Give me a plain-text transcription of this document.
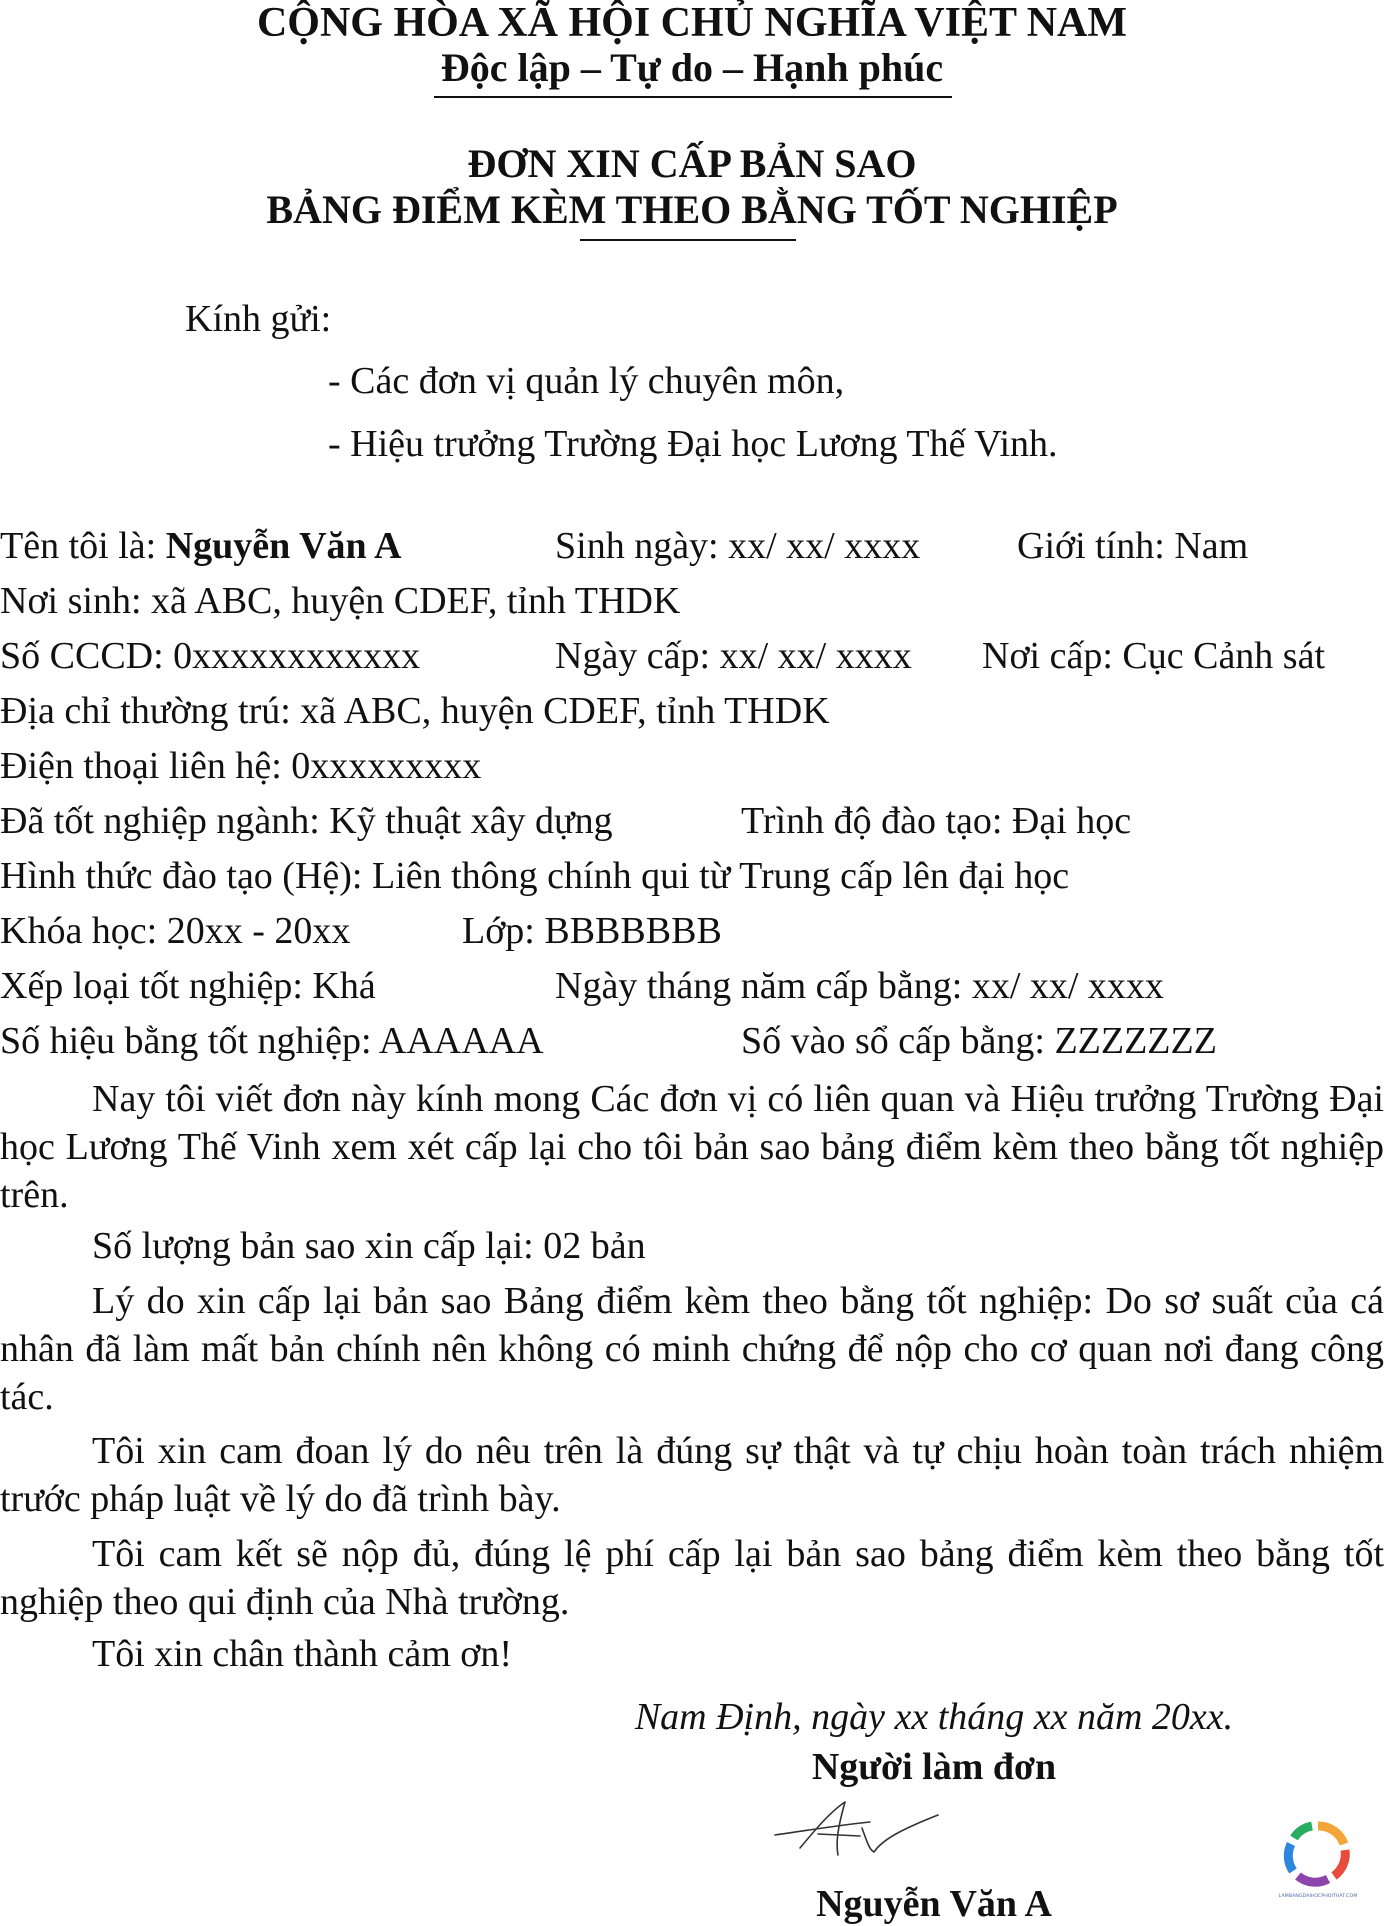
CỘNG HÒA XÃ HỘI CHỦ NGHĨA VIỆT NAM
Độc lập – Tự do – Hạnh phúc
ĐƠN XIN CẤP BẢN SAO
BẢNG ĐIỂM KÈM THEO BẰNG TỐT NGHIỆP
Kính gửi:
- Các đơn vị quản lý chuyên môn,
- Hiệu trưởng Trường Đại học Lương Thế Vinh.
Tên tôi là: Nguyễn Văn A	Sinh ngày: xx/ xx/ xxxx	Giới tính: Nam
Nơi sinh: xã ABC, huyện CDEF, tỉnh THDK
Số CCCD: 0xxxxxxxxxxxx	Ngày cấp: xx/ xx/ xxxx Nơi cấp: Cục Cảnh sát
Địa chỉ thường trú: xã ABC, huyện CDEF, tỉnh THDK
Điện thoại liên hệ: 0xxxxxxxxx
Đã tốt nghiệp ngành: Kỹ thuật xây dựng	Trình độ đào tạo: Đại học
Hình thức đào tạo (Hệ): Liên thông chính qui từ Trung cấp lên đại học
Khóa học: 20xx - 20xx	Lớp: BBBBBBB
Xếp loại tốt nghiệp: Khá	Ngày tháng năm cấp bằng: xx/ xx/ xxxx
Số hiệu bằng tốt nghiệp: AAAAAA	Số vào sổ cấp bằng: ZZZZZZZ
Nay tôi viết đơn này kính mong Các đơn vị có liên quan và Hiệu trưởng Trường Đại học Lương Thế Vinh xem xét cấp lại cho tôi bản sao bảng điểm kèm theo bằng tốt nghiệp trên.
Số lượng bản sao xin cấp lại: 02 bản
Lý do xin cấp lại bản sao Bảng điểm kèm theo bằng tốt nghiệp: Do sơ suất của cá nhân đã làm mất bản chính nên không có minh chứng để nộp cho cơ quan nơi đang công tác.
Tôi xin cam đoan lý do nêu trên là đúng sự thật và tự chịu hoàn toàn trách nhiệm trước pháp luật về lý do đã trình bày.
Tôi cam kết sẽ nộp đủ, đúng lệ phí cấp lại bản sao bảng điểm kèm theo bằng tốt nghiệp theo qui định của Nhà trường.
Tôi xin chân thành cảm ơn!
Nam Định, ngày xx tháng xx năm 20xx.
Người làm đơn
Nguyễn Văn A	LAMBANGDAIHOCPHOITHAT.COM
